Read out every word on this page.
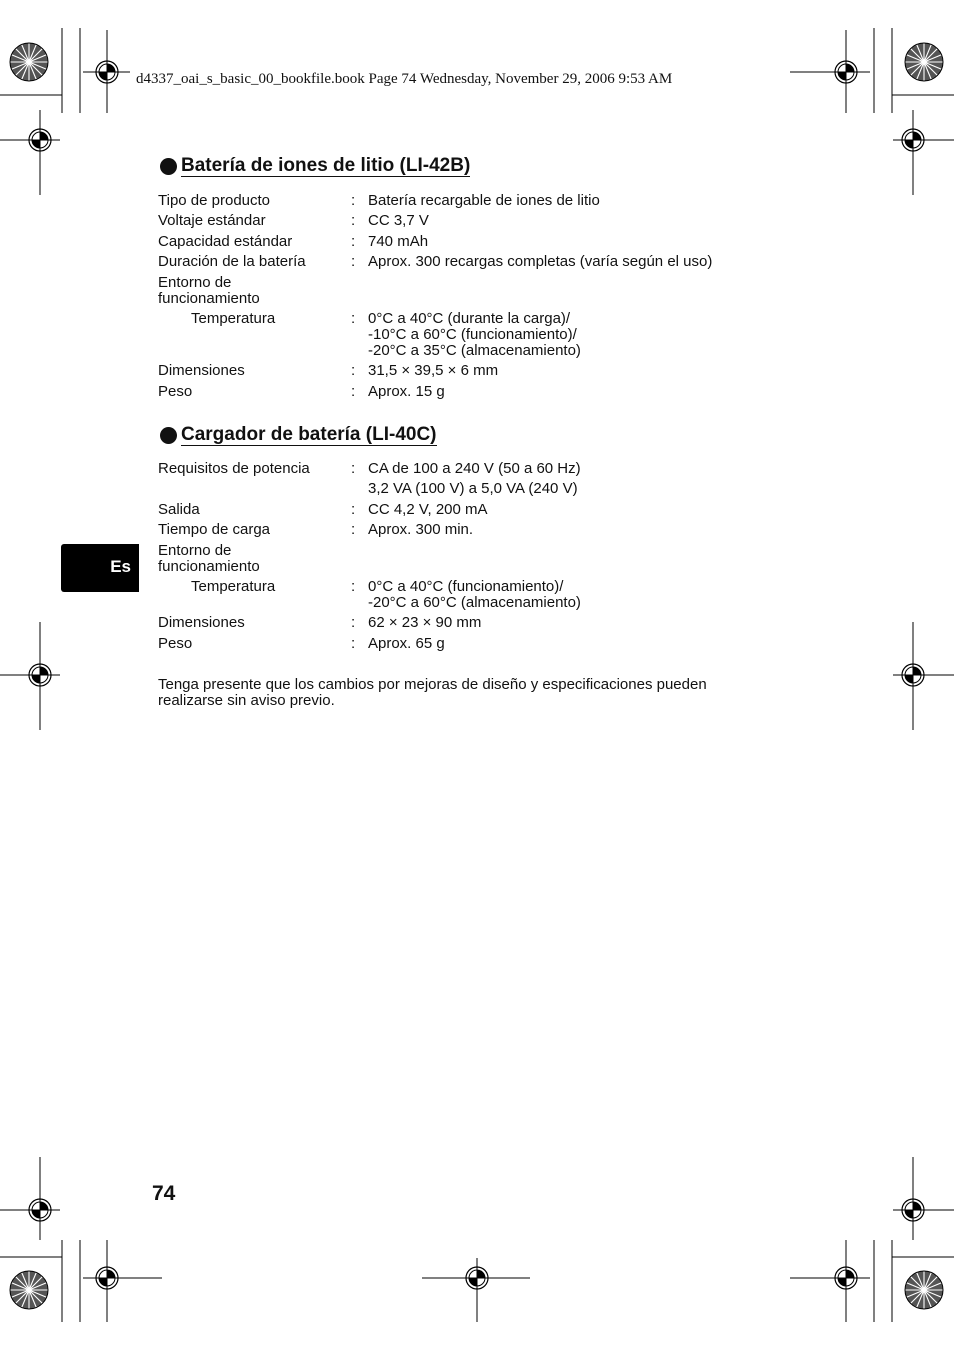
d4337_oai_s_basic_00_bookfile.book Page 74 Wednesday, November 29, 2006 9:53 AM
Batería de iones de litio (LI-42B)
Tipo de producto	: Batería recargable de iones de litio
Voltaje estándar	: CC 3,7 V
Capacidad estándar	: 740 mAh
Duración de la batería	: Aprox. 300 recargas completas (varía según el uso)
Entorno de
funcionamiento
Temperatura	: 0°C a 40°C (durante la carga)/
-10°C a 60°C (funcionamiento)/
-20°C a 35°C (almacenamiento)
Dimensiones	: 31,5 × 39,5 × 6 mm
Peso	: Aprox. 15 g
Cargador de batería (LI-40C)
Requisitos de potencia	: CA de 100 a 240 V (50 a 60 Hz)
3,2 VA (100 V) a 5,0 VA (240 V)
Salida	: CC 4,2 V, 200 mA
Tiempo de carga	: Aprox. 300 min.
Entorno de
funcionamiento
Temperatura	: 0°C a 40°C (funcionamiento)/
-20°C a 60°C (almacenamiento)
Dimensiones	: 62 × 23 × 90 mm
Peso	: Aprox. 65 g
Es
Tenga presente que los cambios por mejoras de diseño y especificaciones pueden
realizarse sin aviso previo.
74
